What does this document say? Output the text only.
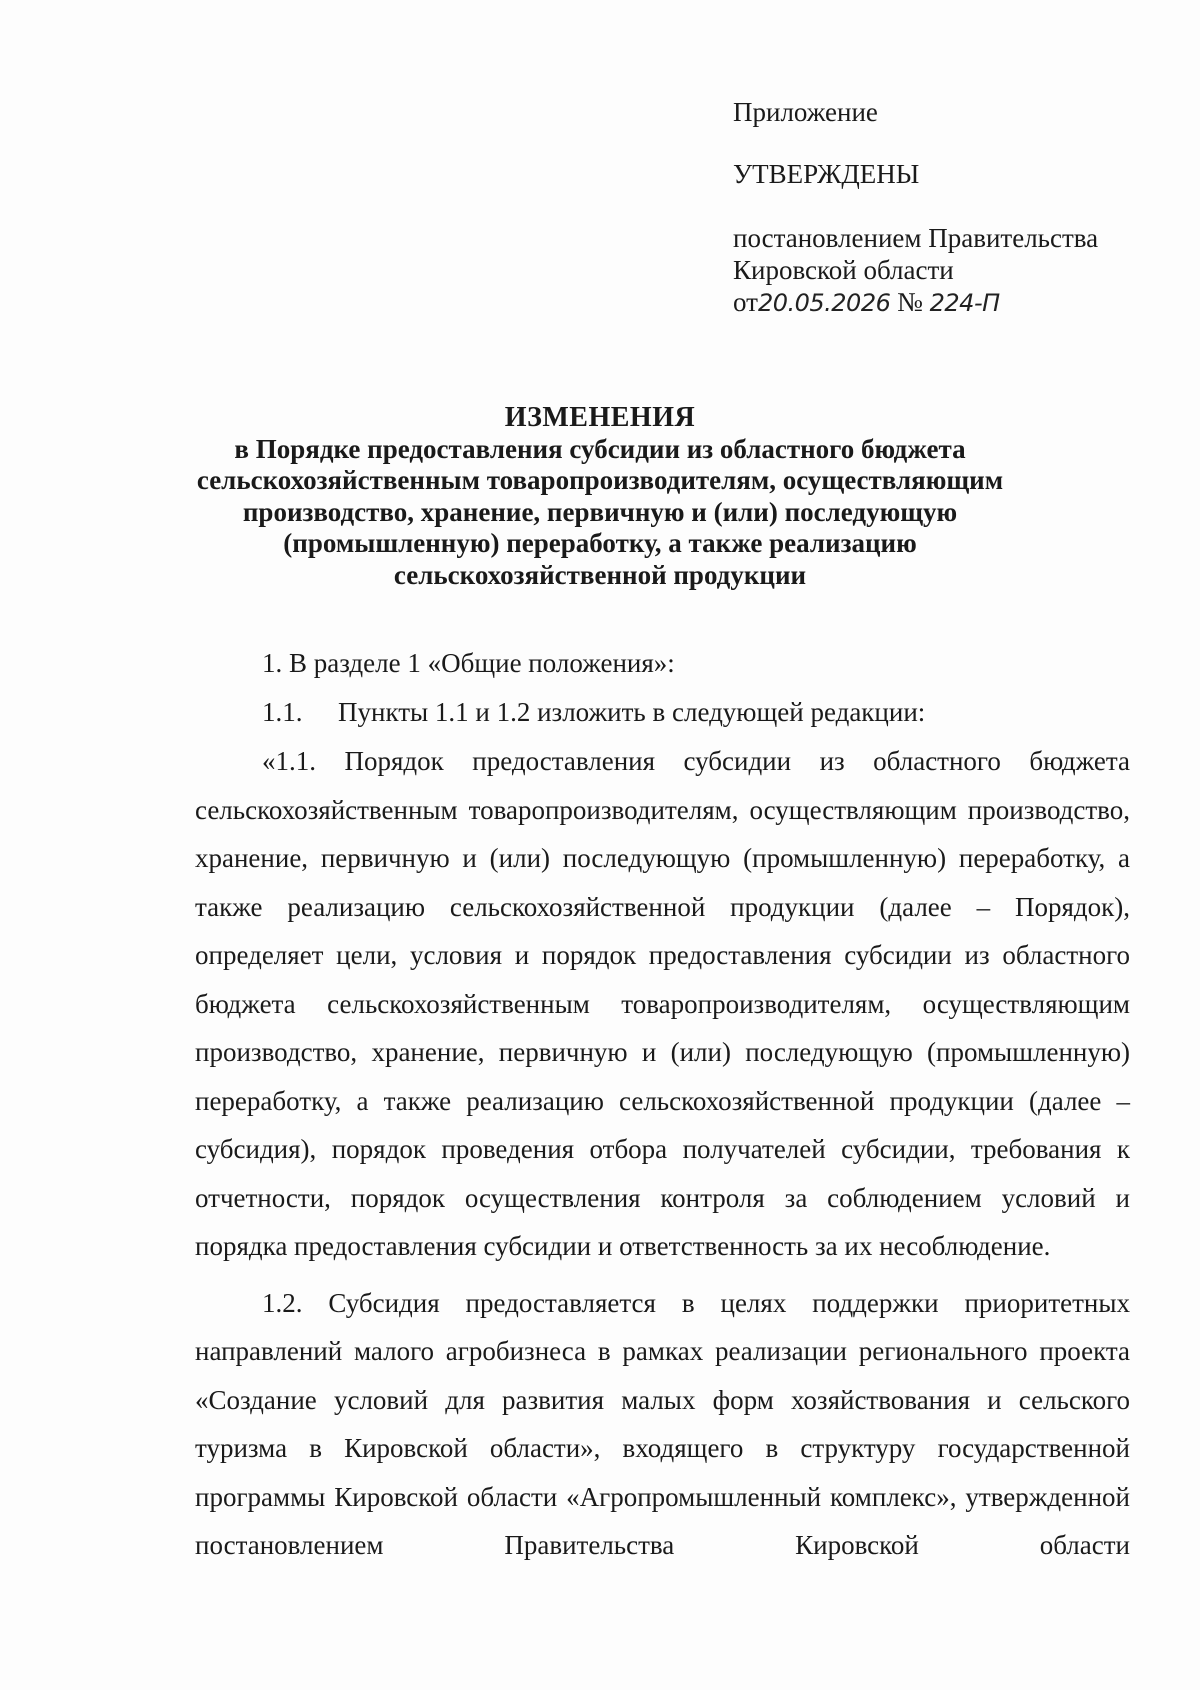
Приложение
УТВЕРЖДЕНЫ
постановлением Правительства
Кировской области
от20.05.2026 № 224-П
ИЗМЕНЕНИЯ
в Порядке предоставления субсидии из областного бюджета
сельскохозяйственным товаропроизводителям, осуществляющим
производство, хранение, первичную и (или) последующую
(промышленную) переработку, а также реализацию
сельскохозяйственной продукции

1. В разделе 1 «Общие положения»:

1.1. Пункты 1.1 и 1.2 изложить в следующей редакции:

«1.1. Порядок предоставления субсидии из областного бюджета сельскохозяйственным товаропроизводителям, осуществляющим производство, хранение, первичную и (или) последующую (промышленную) переработку, а также реализацию сельскохозяйственной продукции (далее – Порядок), определяет цели, условия и порядок предоставления субсидии из областного бюджета сельскохозяйственным товаропроизводителям, осуществляющим производство, хранение, первичную и (или) последующую (промышленную) переработку, а также реализацию сельскохозяйственной продукции (далее – субсидия), порядок проведения отбора получателей субсидии, требования к отчетности, порядок осуществления контроля за соблюдением условий и порядка предоставления субсидии и ответственность за их несоблюдение.

1.2. Субсидия предоставляется в целях поддержки приоритетных направлений малого агробизнеса в рамках реализации регионального проекта «Создание условий для развития малых форм хозяйствования и сельского туризма в Кировской области», входящего в структуру государственной программы Кировской области «Агропромышленный комплекс», утвержденной постановлением Правительства Кировской области
